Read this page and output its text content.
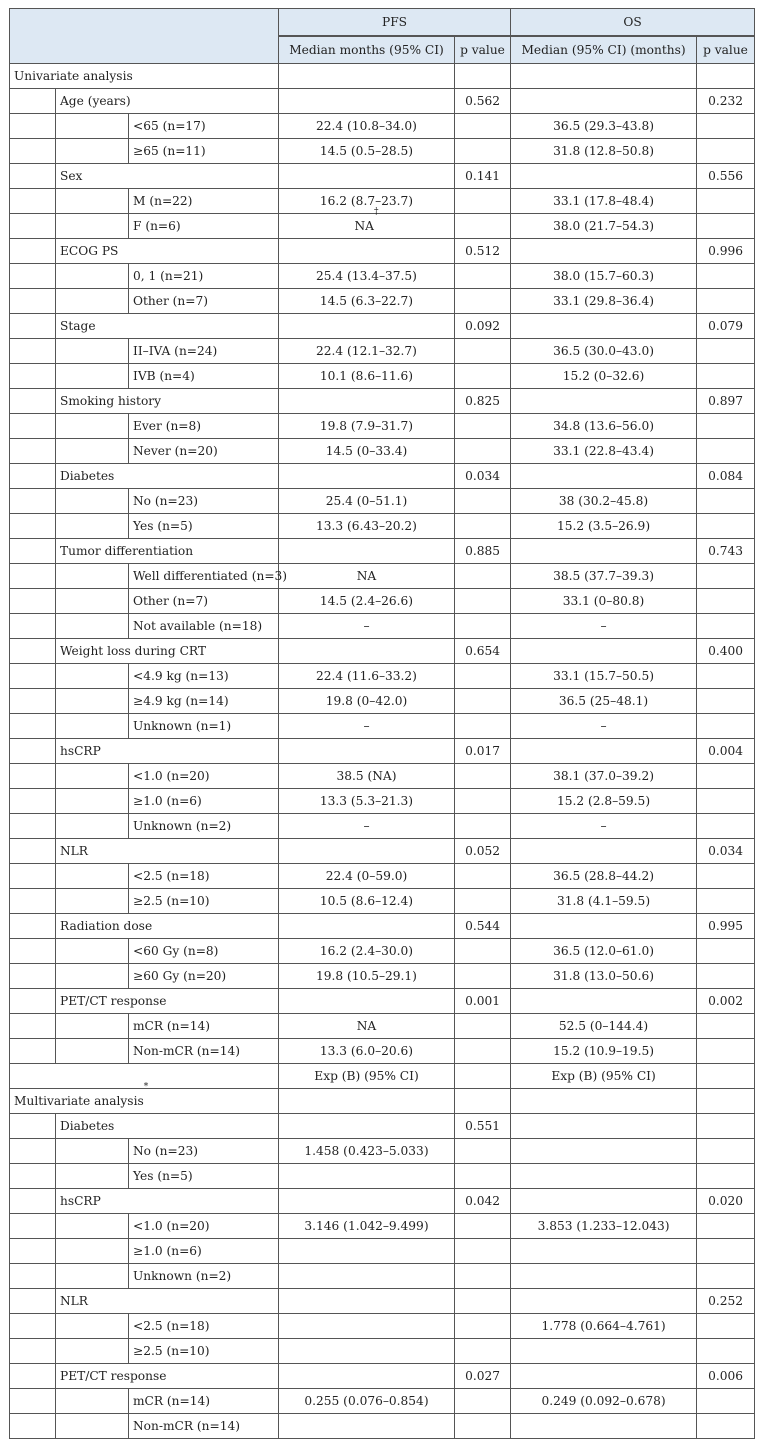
			PFS		OS	
			Median months (95% CI)	p value	Median (95% CI) (months)	p value
Univariate analysis						
	Age (years)			0.562		0.232
		<65 (n=17)	22.4 (10.8–34.0)		36.5 (29.3–43.8)	
		≥65 (n=11)	14.5 (0.5–28.5)		31.8 (12.8–50.8)	
	Sex			0.141		0.556
		M (n=22)	16.2 (8.7–23.7)		33.1 (17.8–48.4)	
		F (n=6)	NA†		38.0 (21.7–54.3)	
	ECOG PS			0.512		0.996
		0, 1 (n=21)	25.4 (13.4–37.5)		38.0 (15.7–60.3)	
		Other (n=7)	14.5 (6.3–22.7)		33.1 (29.8–36.4)	
	Stage			0.092		0.079
		II–IVA (n=24)	22.4 (12.1–32.7)		36.5 (30.0–43.0)	
		IVB (n=4)	10.1 (8.6–11.6)		15.2 (0–32.6)	
	Smoking history			0.825		0.897
		Ever (n=8)	19.8 (7.9–31.7)		34.8 (13.6–56.0)	
		Never (n=20)	14.5 (0–33.4)		33.1 (22.8–43.4)	
	Diabetes			0.034		0.084
		No (n=23)	25.4 (0–51.1)		38 (30.2–45.8)	
		Yes (n=5)	13.3 (6.43–20.2)		15.2 (3.5–26.9)	
	Tumor differentiation			0.885		0.743
		Well differentiated (n=3)	NA		38.5 (37.7–39.3)	
		Other (n=7)	14.5 (2.4–26.6)		33.1 (0–80.8)	
		Not available (n=18)	–		–	
	Weight loss during CRT			0.654		0.400
		<4.9 kg (n=13)	22.4 (11.6–33.2)		33.1 (15.7–50.5)	
		≥4.9 kg (n=14)	19.8 (0–42.0)		36.5 (25–48.1)	
		Unknown (n=1)	–		–	
	hsCRP			0.017		0.004
		<1.0 (n=20)	38.5 (NA)		38.1 (37.0–39.2)	
		≥1.0 (n=6)	13.3 (5.3–21.3)		15.2 (2.8–59.5)	
		Unknown (n=2)	–		–	
	NLR			0.052		0.034
		<2.5 (n=18)	22.4 (0–59.0)		36.5 (28.8–44.2)	
		≥2.5 (n=10)	10.5 (8.6–12.4)		31.8 (4.1–59.5)	
	Radiation dose			0.544		0.995
		<60 Gy (n=8)	16.2 (2.4–30.0)		36.5 (12.0–61.0)	
		≥60 Gy (n=20)	19.8 (10.5–29.1)		31.8 (13.0–50.6)	
	PET/CT response			0.001		0.002
		mCR (n=14)	NA		52.5 (0–144.4)	
		Non-mCR (n=14)	13.3 (6.0–20.6)		15.2 (10.9–19.5)	
			Exp (B) (95% CI)		Exp (B) (95% CI)	
Multivariate analysis*				
	Diabetes			0.551		
		No (n=23)	1.458 (0.423–5.033)			
		Yes (n=5)				
	hsCRP			0.042		0.020
		<1.0 (n=20)	3.146 (1.042–9.499)		3.853 (1.233–12.043)	
		≥1.0 (n=6)				
		Unknown (n=2)				
	NLR					0.252
		<2.5 (n=18)			1.778 (0.664–4.761)	
		≥2.5 (n=10)				
	PET/CT response			0.027		0.006
		mCR (n=14)	0.255 (0.076–0.854)		0.249 (0.092–0.678)	
		Non-mCR (n=14)				
